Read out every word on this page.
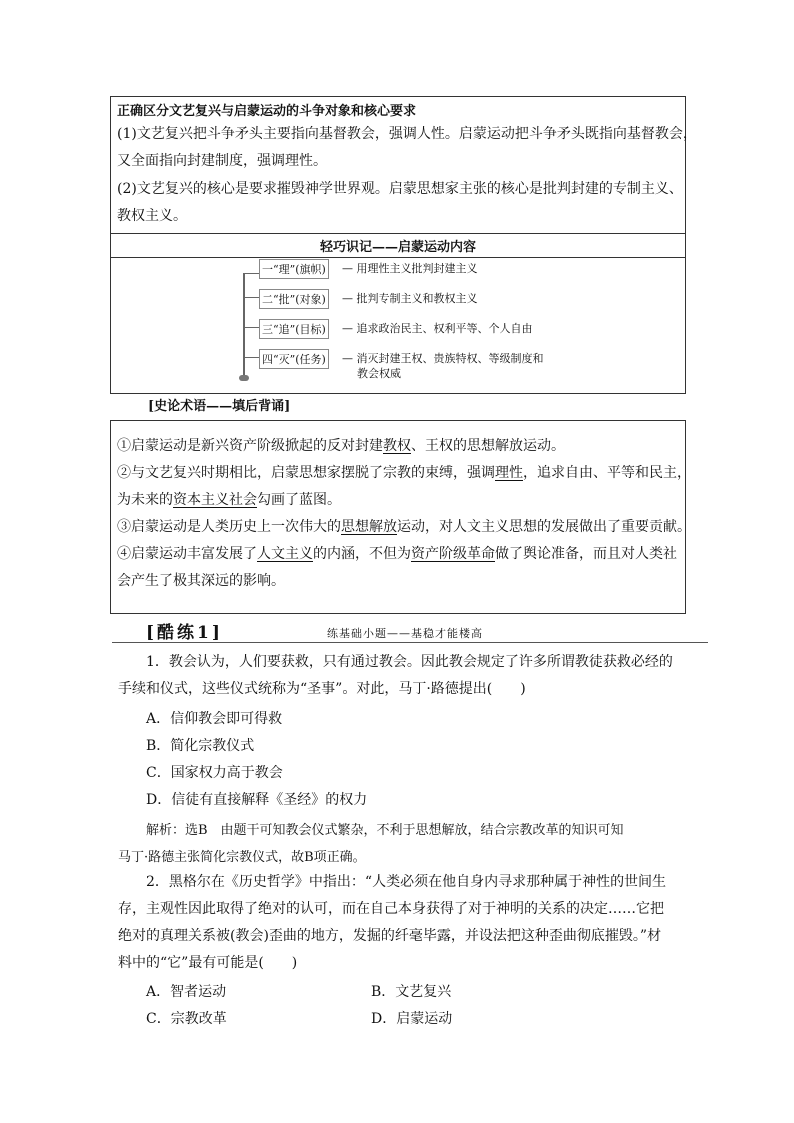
正确区分文艺复兴与启蒙运动的斗争对象和核心要求
(1)文艺复兴把斗争矛头主要指向基督教会，强调人性。启蒙运动把斗争矛头既指向基督教会，
又全面指向封建制度，强调理性。
(2)文艺复兴的核心是要求摧毁神学世界观。启蒙思想家主张的核心是批判封建的专制主义、
教权主义。
轻巧识记——启蒙运动内容
一“理”(旗帜) — 用理性主义批判封建主义
二“批”(对象) — 批判专制主义和教权主义
三“追”(目标) — 追求政治民主、权利平等、个人自由
四“灭”(任务) — 消灭封建王权、贵族特权、等级制度和
教会权威
[史论术语——填后背诵]
①启蒙运动是新兴资产阶级掀起的反对封建教权、王权的思想解放运动。
②与文艺复兴时期相比，启蒙思想家摆脱了宗教的束缚，强调理性，追求自由、平等和民主，
为未来的资本主义社会勾画了蓝图。
③启蒙运动是人类历史上一次伟大的思想解放运动，对人文主义思想的发展做出了重要贡献。
④启蒙运动丰富发展了人文主义的内涵，不但为资产阶级革命做了舆论准备，而且对人类社
会产生了极其深远的影响。
[酷练1]	练基础小题——基稳才能楼高
1．教会认为，人们要获救，只有通过教会。因此教会规定了许多所谓教徒获救必经的
手续和仪式，这些仪式统称为“圣事”。对此，马丁·路德提出(　　)
A．信仰教会即可得救
B．简化宗教仪式
C．国家权力高于教会
D．信徒有直接解释《圣经》的权力
解析：选B　由题干可知教会仪式繁杂，不利于思想解放，结合宗教改革的知识可知
马丁·路德主张简化宗教仪式，故B项正确。
2．黑格尔在《历史哲学》中指出：“人类必须在他自身内寻求那种属于神性的世间生
存，主观性因此取得了绝对的认可，而在自己本身获得了对于神明的关系的决定……它把
绝对的真理关系被(教会)歪曲的地方，发掘的纤毫毕露，并设法把这种歪曲彻底摧毁。”材
料中的“它”最有可能是(　　)
A．智者运动	B．文艺复兴
C．宗教改革	D．启蒙运动
